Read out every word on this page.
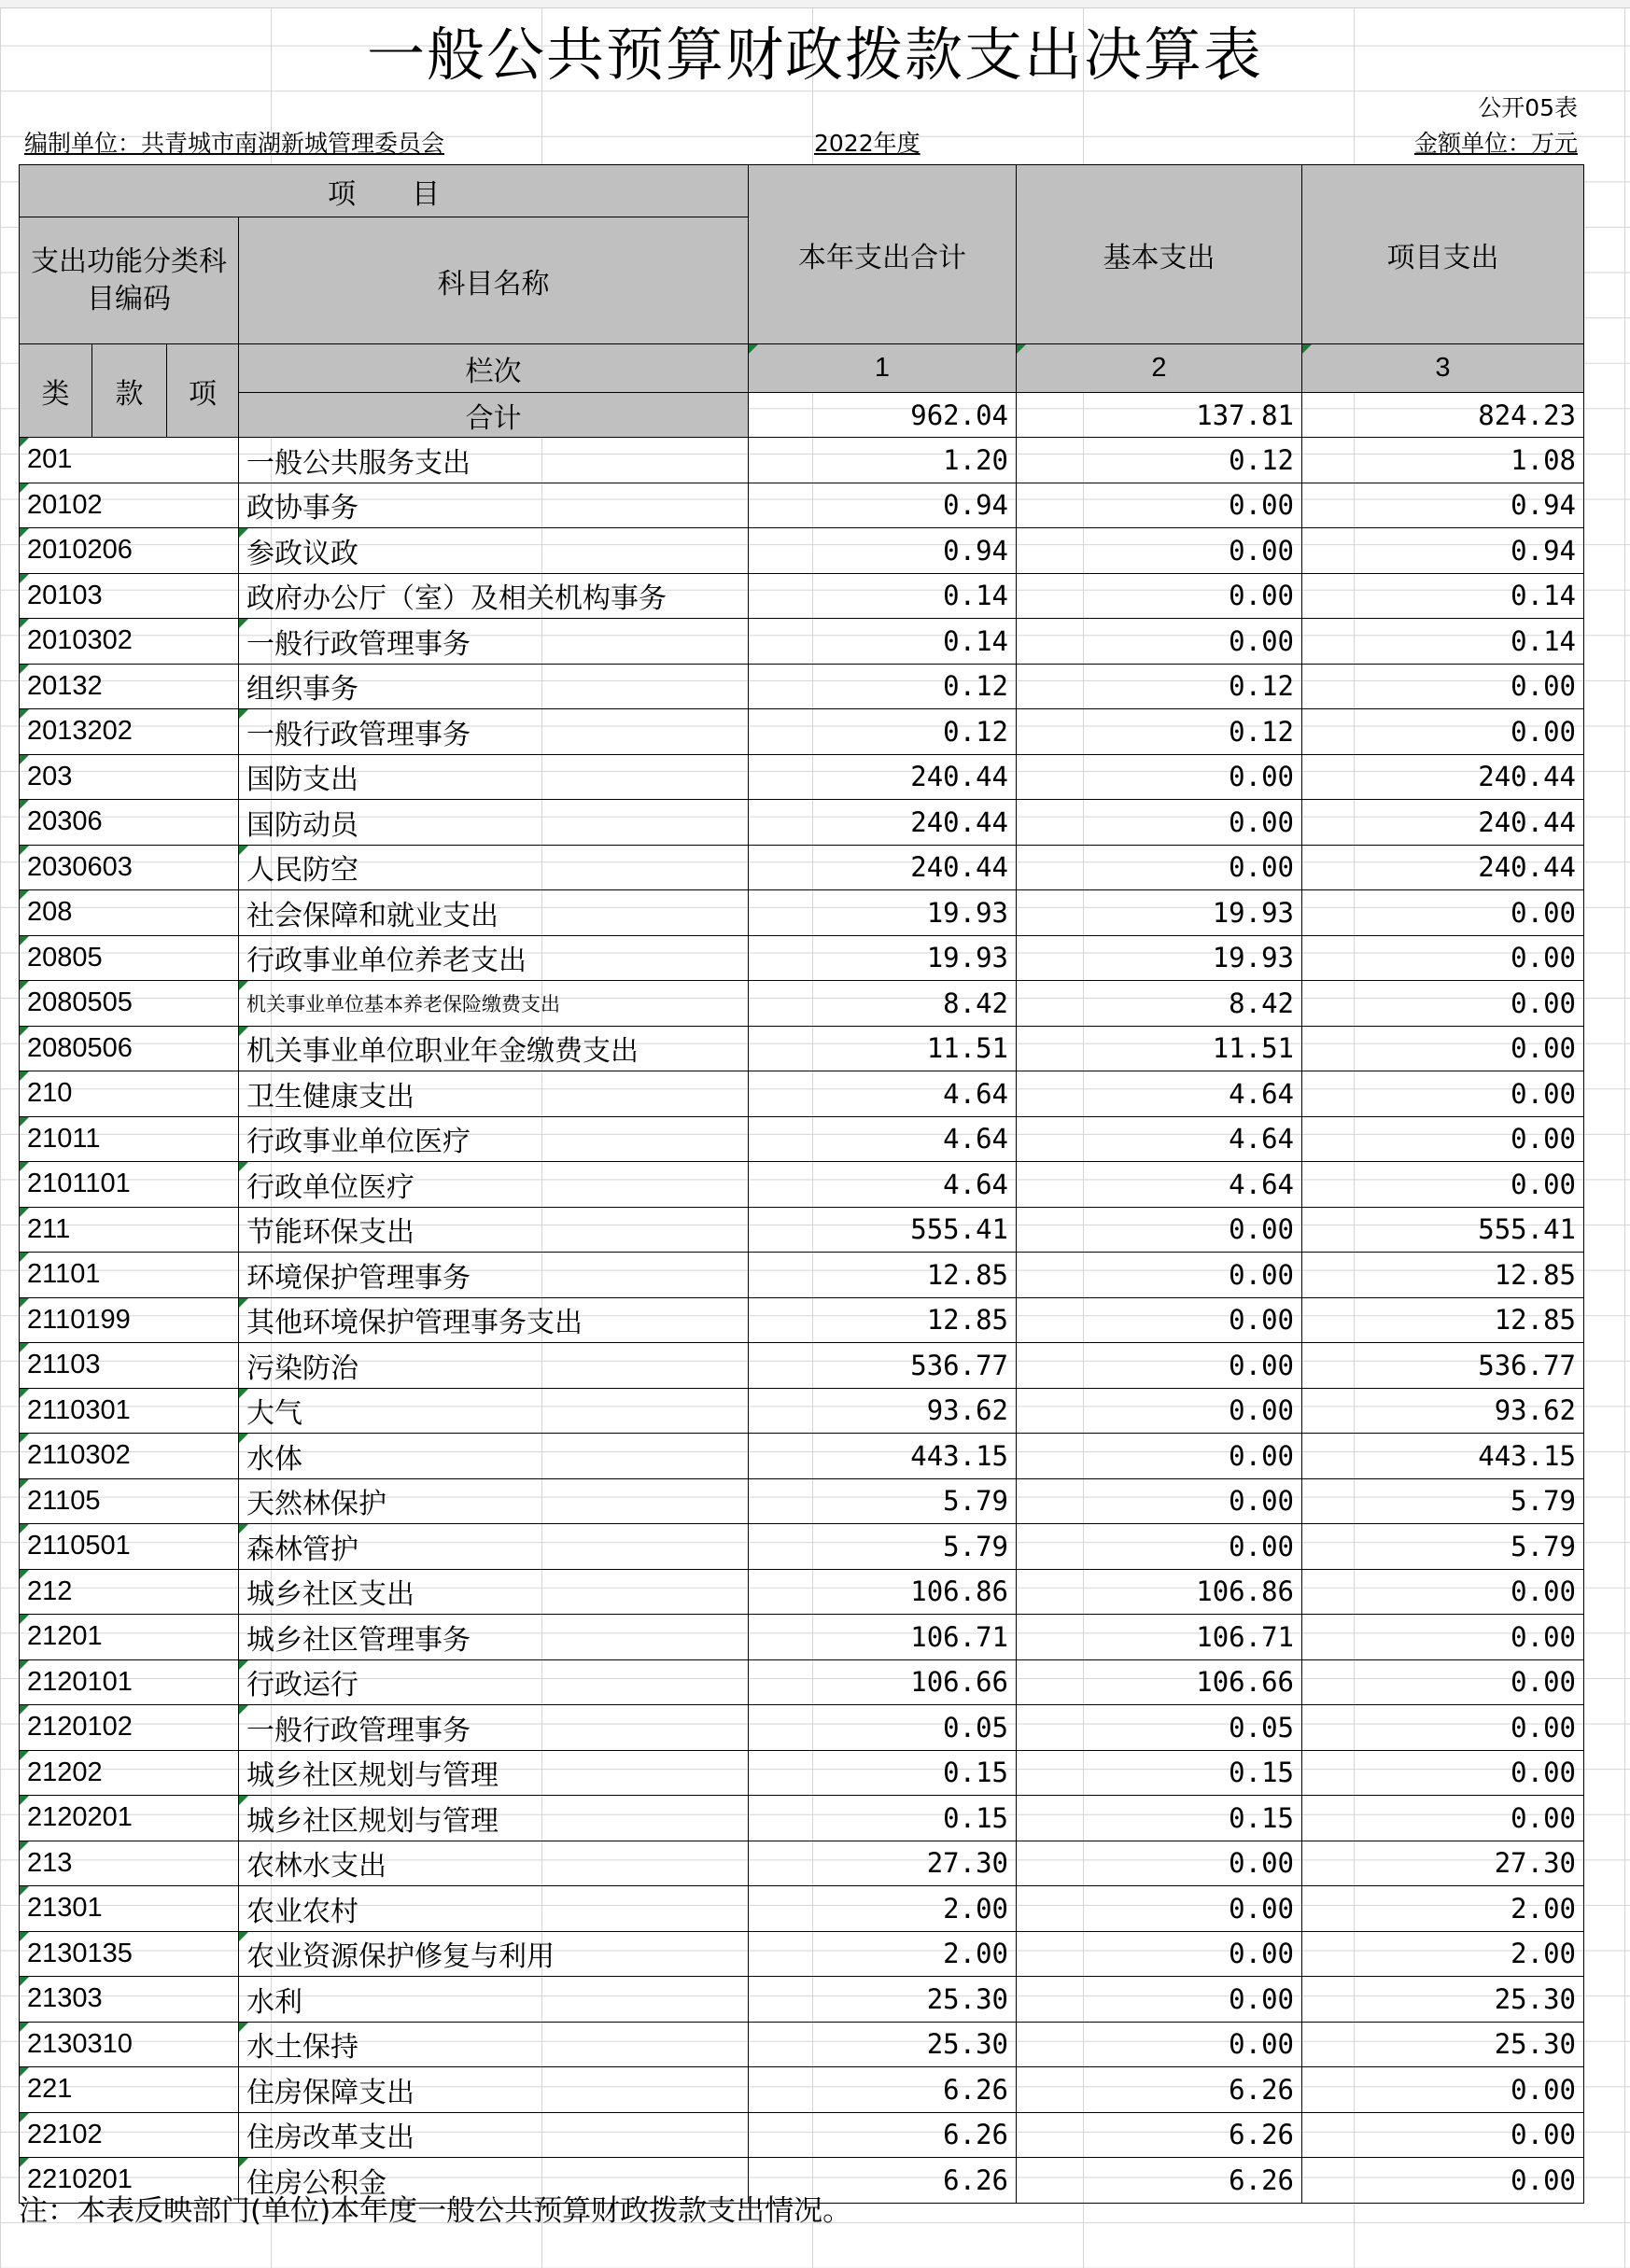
一般公共预算财政拨款支出决算表
公开05表
编制单位：共青城市南湖新城管理委员会	2022年度	金额单位：万元
项　　目				本年支出合计	基本支出	项目支出
支出功能分类科目编码			科目名称			
类	款	项	栏次	1	2	3
			合计	962.04	137.81	824.23
201			一般公共服务支出	1.20	0.12	1.08
20102			政协事务	0.94	0.00	0.94
2010206			参政议政	0.94	0.00	0.94
20103			政府办公厅（室）及相关机构事务	0.14	0.00	0.14
2010302			一般行政管理事务	0.14	0.00	0.14
20132			组织事务	0.12	0.12	0.00
2013202			一般行政管理事务	0.12	0.12	0.00
203			国防支出	240.44	0.00	240.44
20306			国防动员	240.44	0.00	240.44
2030603			人民防空	240.44	0.00	240.44
208			社会保障和就业支出	19.93	19.93	0.00
20805			行政事业单位养老支出	19.93	19.93	0.00
2080505			机关事业单位基本养老保险缴费支出	8.42	8.42	0.00
2080506			机关事业单位职业年金缴费支出	11.51	11.51	0.00
210			卫生健康支出	4.64	4.64	0.00
21011			行政事业单位医疗	4.64	4.64	0.00
2101101			行政单位医疗	4.64	4.64	0.00
211			节能环保支出	555.41	0.00	555.41
21101			环境保护管理事务	12.85	0.00	12.85
2110199			其他环境保护管理事务支出	12.85	0.00	12.85
21103			污染防治	536.77	0.00	536.77
2110301			大气	93.62	0.00	93.62
2110302			水体	443.15	0.00	443.15
21105			天然林保护	5.79	0.00	5.79
2110501			森林管护	5.79	0.00	5.79
212			城乡社区支出	106.86	106.86	0.00
21201			城乡社区管理事务	106.71	106.71	0.00
2120101			行政运行	106.66	106.66	0.00
2120102			一般行政管理事务	0.05	0.05	0.00
21202			城乡社区规划与管理	0.15	0.15	0.00
2120201			城乡社区规划与管理	0.15	0.15	0.00
213			农林水支出	27.30	0.00	27.30
21301			农业农村	2.00	0.00	2.00
2130135			农业资源保护修复与利用	2.00	0.00	2.00
21303			水利	25.30	0.00	25.30
2130310			水土保持	25.30	0.00	25.30
221			住房保障支出	6.26	6.26	0.00
22102			住房改革支出	6.26	6.26	0.00
2210201			住房公积金	6.26	6.26	0.00
注：本表反映部门(单位)本年度一般公共预算财政拨款支出情况。
